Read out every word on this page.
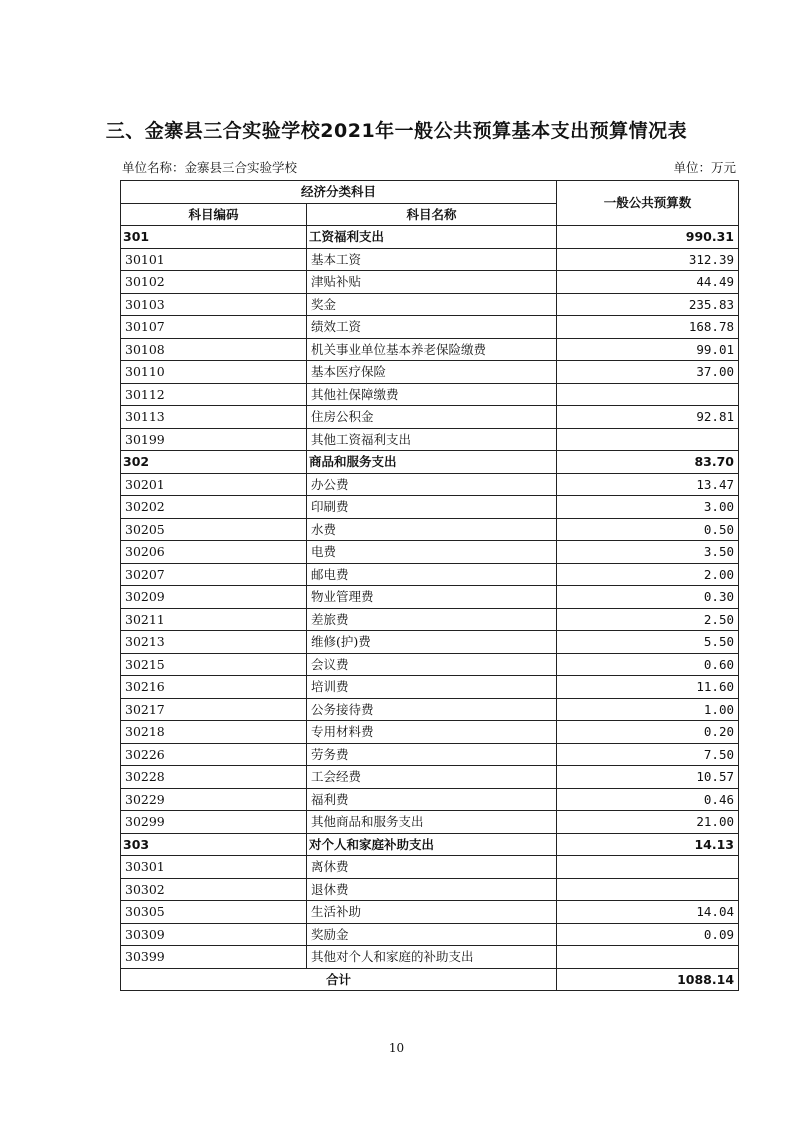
三、金寨县三合实验学校2021年一般公共预算基本支出预算情况表
单位名称：金寨县三合实验学校	单位：万元
经济分类科目		一般公共预算数
科目编码	科目名称	
301	工资福利支出	990.31
30101	基本工资	312.39
30102	津贴补贴	44.49
30103	奖金	235.83
30107	绩效工资	168.78
30108	机关事业单位基本养老保险缴费	99.01
30110	基本医疗保险	37.00
30112	其他社保障缴费	
30113	住房公积金	92.81
30199	其他工资福利支出	
302	商品和服务支出	83.70
30201	办公费	13.47
30202	印刷费	3.00
30205	水费	0.50
30206	电费	3.50
30207	邮电费	2.00
30209	物业管理费	0.30
30211	差旅费	2.50
30213	维修(护)费	5.50
30215	会议费	0.60
30216	培训费	11.60
30217	公务接待费	1.00
30218	专用材料费	0.20
30226	劳务费	7.50
30228	工会经费	10.57
30229	福利费	0.46
30299	其他商品和服务支出	21.00
303	对个人和家庭补助支出	14.13
30301	离休费	
30302	退休费	
30305	生活补助	14.04
30309	奖励金	0.09
30399	其他对个人和家庭的补助支出	
合计		1088.14
10
